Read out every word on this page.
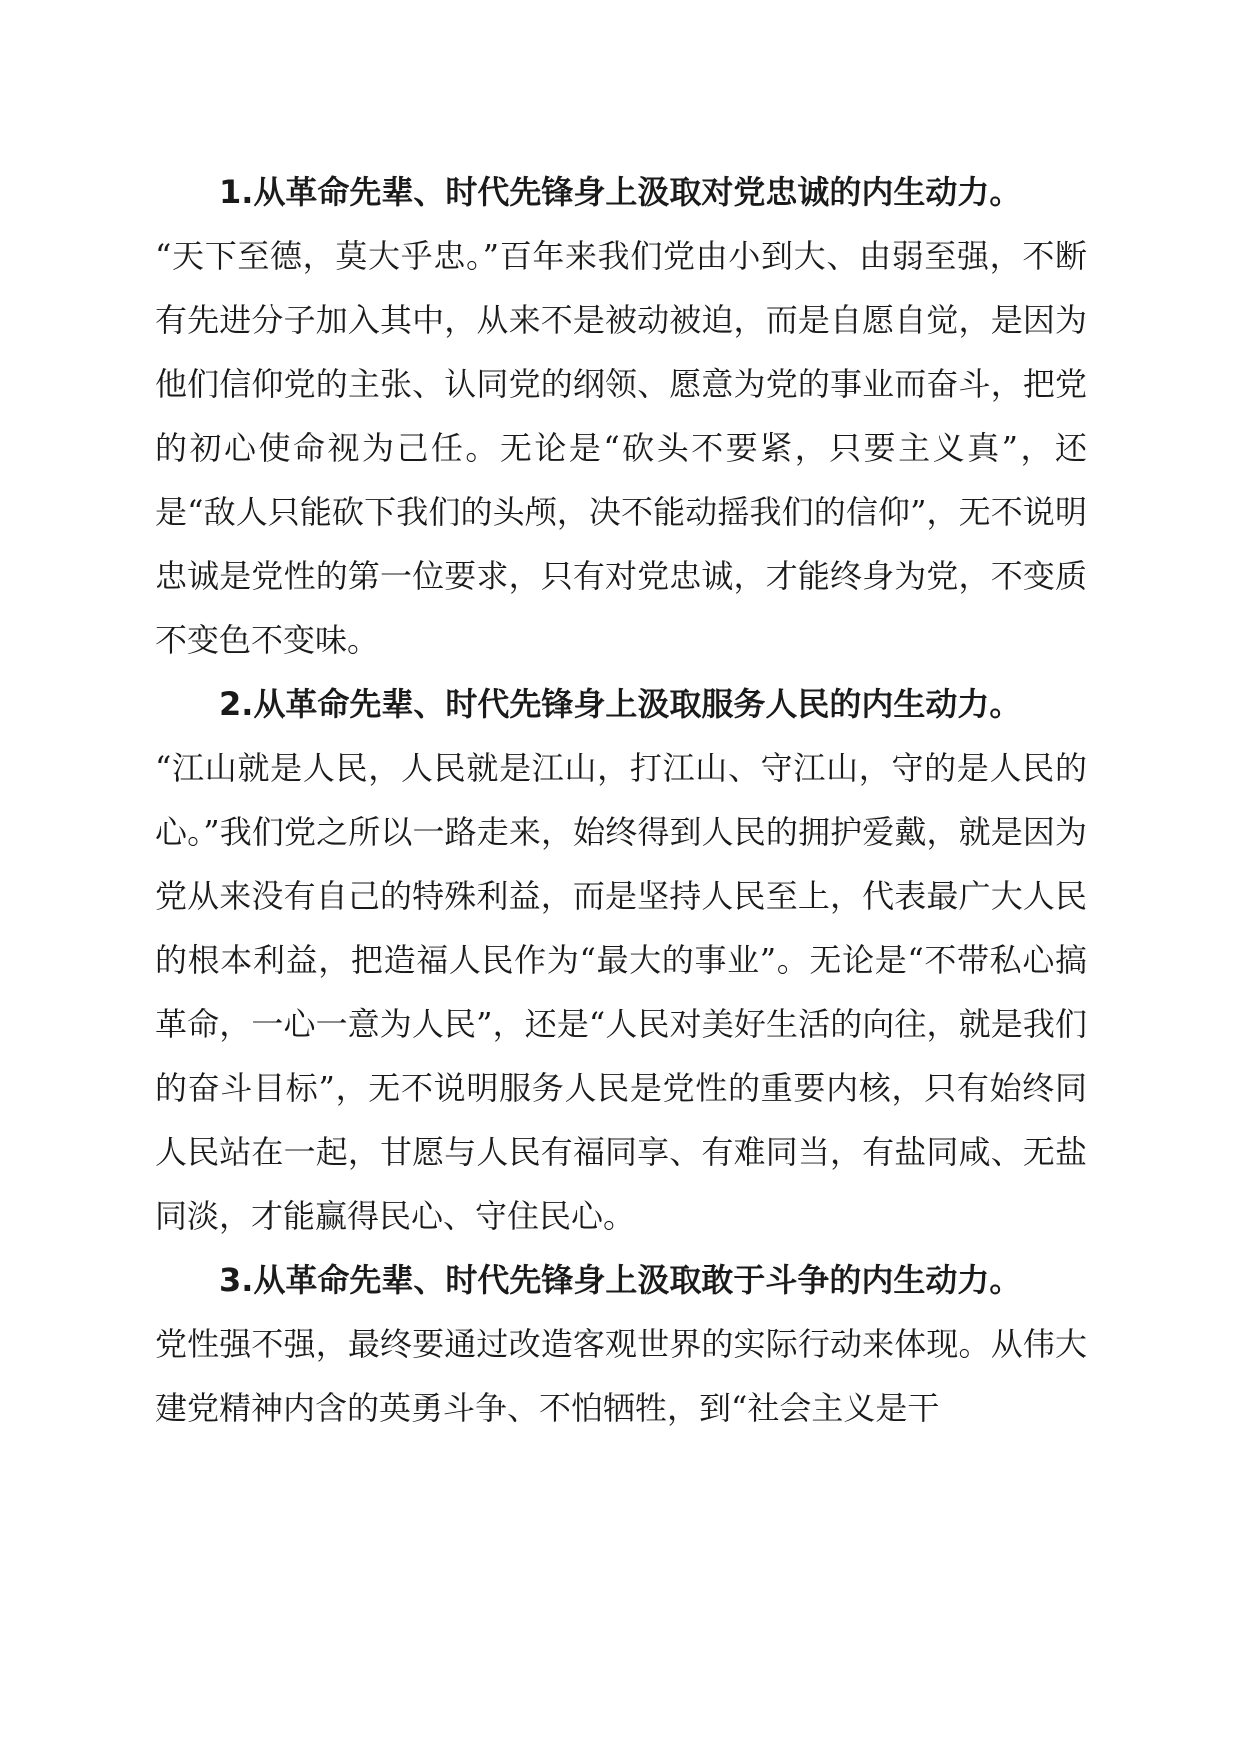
1.从革命先辈、时代先锋身上汲取对党忠诚的内生动力。

“天下至德，莫大乎忠。”百年来我们党由小到大、由弱至强，不断有先进分子加入其中，从来不是被动被迫，而是自愿自觉，是因为他们信仰党的主张、认同党的纲领、愿意为党的事业而奋斗，把党的初心使命视为己任。无论是“砍头不要紧，只要主义真”，还是“敌人只能砍下我们的头颅，决不能动摇我们的信仰”，无不说明忠诚是党性的第一位要求，只有对党忠诚，才能终身为党，不变质不变色不变味。

2.从革命先辈、时代先锋身上汲取服务人民的内生动力。

“江山就是人民，人民就是江山，打江山、守江山，守的是人民的心。”我们党之所以一路走来，始终得到人民的拥护爱戴，就是因为党从来没有自己的特殊利益，而是坚持人民至上，代表最广大人民的根本利益，把造福人民作为“最大的事业”。无论是“不带私心搞革命，一心一意为人民”，还是“人民对美好生活的向往，就是我们的奋斗目标”，无不说明服务人民是党性的重要内核，只有始终同人民站在一起，甘愿与人民有福同享、有难同当，有盐同咸、无盐同淡，才能赢得民心、守住民心。

3.从革命先辈、时代先锋身上汲取敢于斗争的内生动力。

党性强不强，最终要通过改造客观世界的实际行动来体现。从伟大建党精神内含的英勇斗争、不怕牺牲，到“社会主义是干
